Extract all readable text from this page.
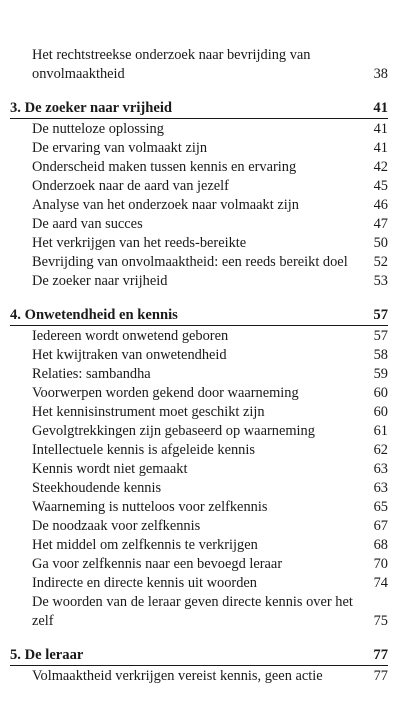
Het rechtstreekse onderzoek naar bevrijding van onvolmaaktheid	38
3. De zoeker naar vrijheid	41
De nutteloze oplossing	41
De ervaring van volmaakt zijn	41
Onderscheid maken tussen kennis en ervaring	42
Onderzoek naar de aard van jezelf	45
Analyse van het onderzoek naar volmaakt zijn	46
De aard van succes	47
Het verkrijgen van het reeds-bereikte	50
Bevrijding van onvolmaaktheid: een reeds bereikt doel 52
De zoeker naar vrijheid	53
4. Onwetendheid en kennis	57
Iedereen wordt onwetend geboren	57
Het kwijtraken van onwetendheid	58
Relaties: sambandha	59
Voorwerpen worden gekend door waarneming	60
Het kennisinstrument moet geschikt zijn	60
Gevolgtrekkingen zijn gebaseerd op waarneming	61
Intellectuele kennis is afgeleide kennis	62
Kennis wordt niet gemaakt	63
Steekhoudende kennis	63
Waarneming is nutteloos voor zelfkennis	65
De noodzaak voor zelfkennis	67
Het middel om zelfkennis te verkrijgen	68
Ga voor zelfkennis naar een bevoegd leraar	70
Indirecte en directe kennis uit woorden	74
De woorden van de leraar geven directe kennis over het zelf	75
5. De leraar	77
Volmaaktheid verkrijgen vereist kennis, geen actie	77
